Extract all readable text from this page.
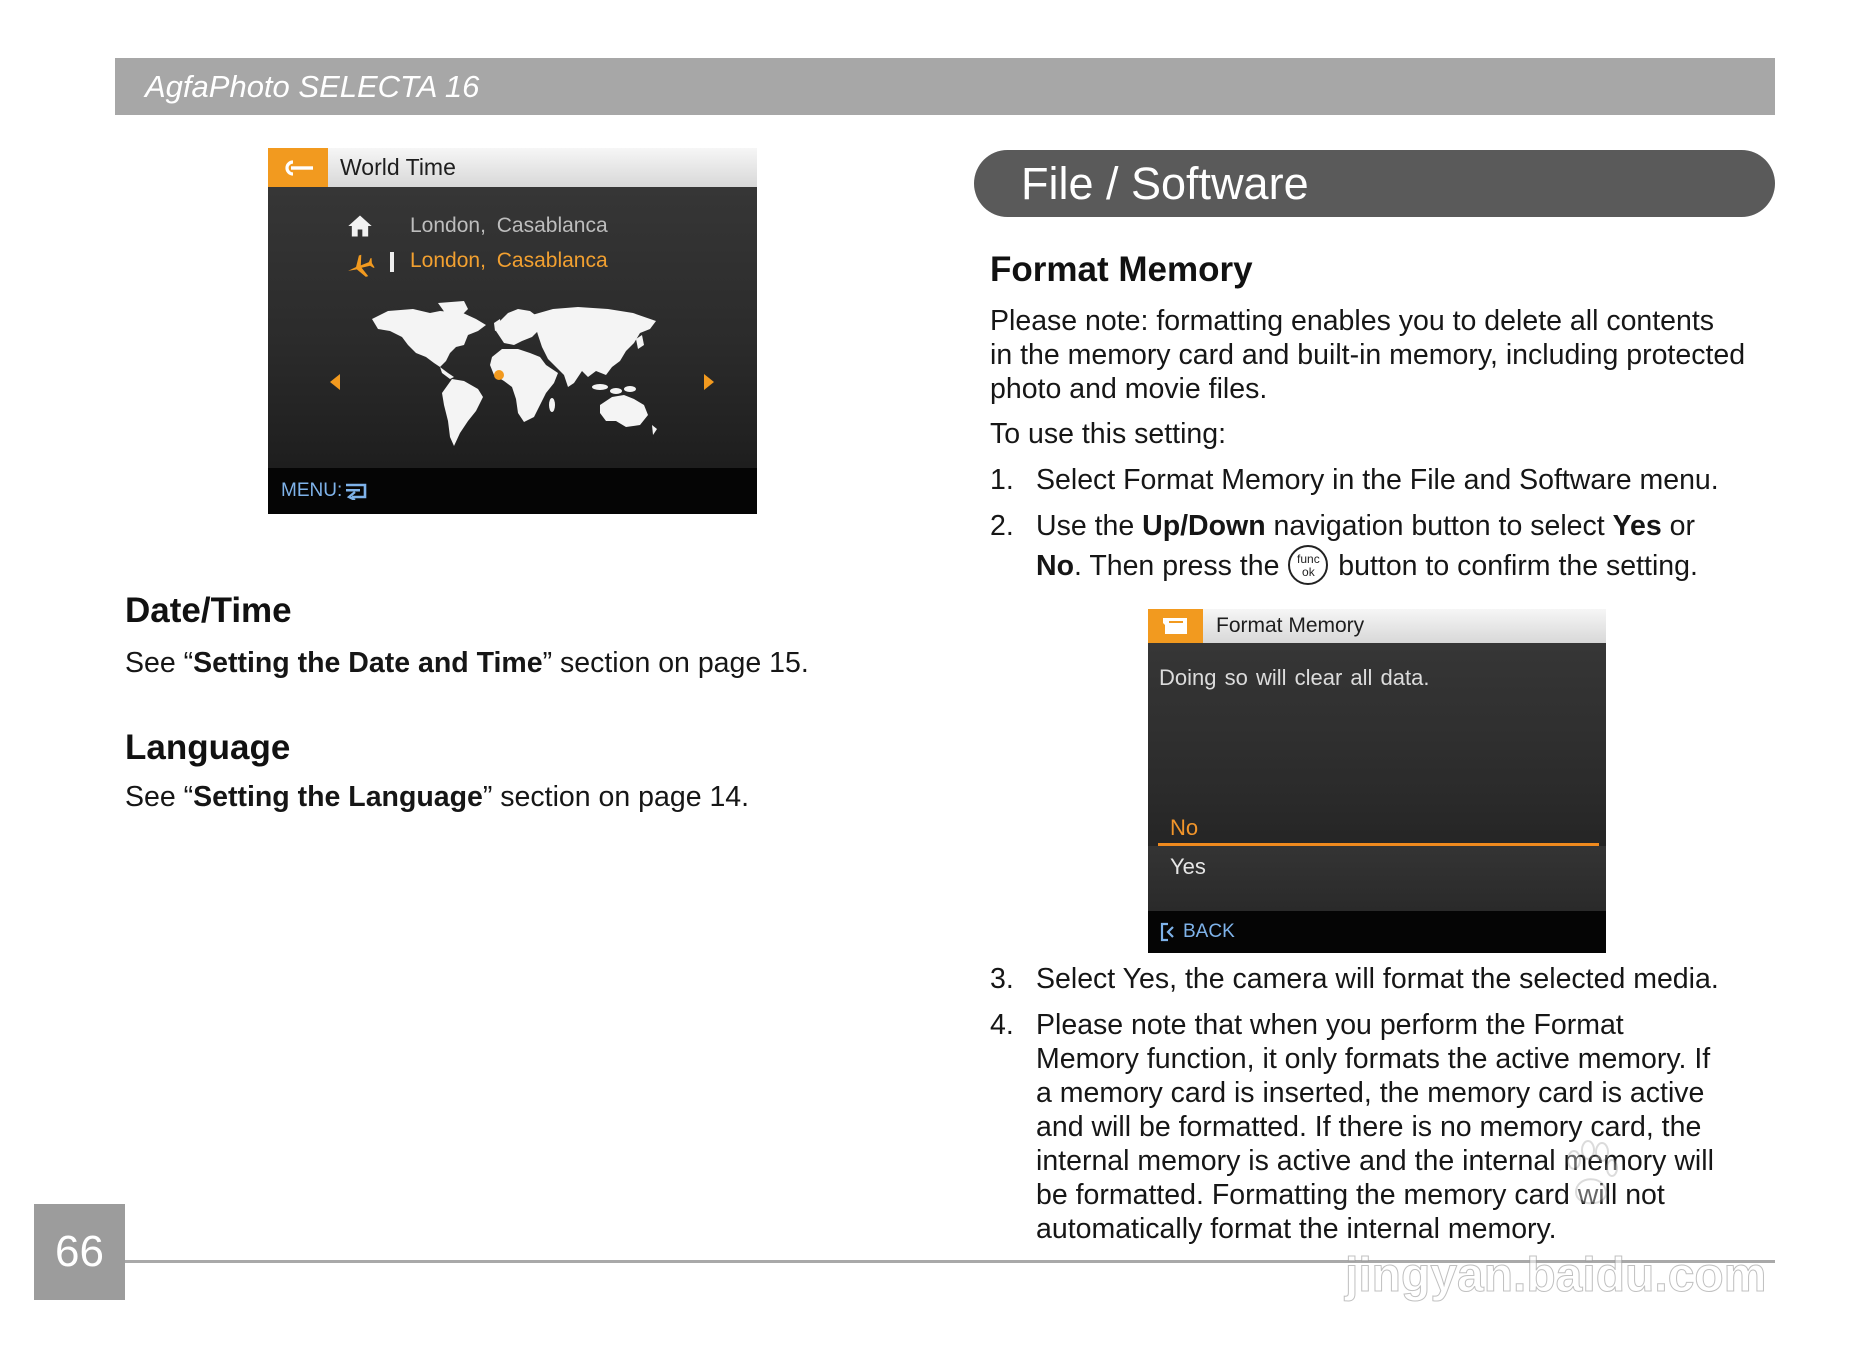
AgfaPhoto SELECTA 16
World Time
London, Casablanca
London, Casablanca
MENU:
Date/Time
See “Setting the Date and Time” section on page 15.
Language
See “Setting the Language” section on page 14.
File / Software
Format Memory
Please note: formatting enables you to delete all contents
in the memory card and built-in memory, including protected
photo and movie files.
To use this setting:
1. Select Format Memory in the File and Software menu.
2. Use the Up/Down navigation button to select Yes or
No. Then press the func
ok button to confirm the setting.
Format Memory
Doing so will clear all data.
No
Yes
BACK
3. Select Yes, the camera will format the selected media.
4. Please note that when you perform the Format
Memory function, it only formats the active memory. If
a memory card is inserted, the memory card is active
and will be formatted. If there is no memory card, the
internal memory is active and the internal memory will
be formatted. Formatting the memory card will not
automatically format the internal memory.
66	jingyan.baidu.com
